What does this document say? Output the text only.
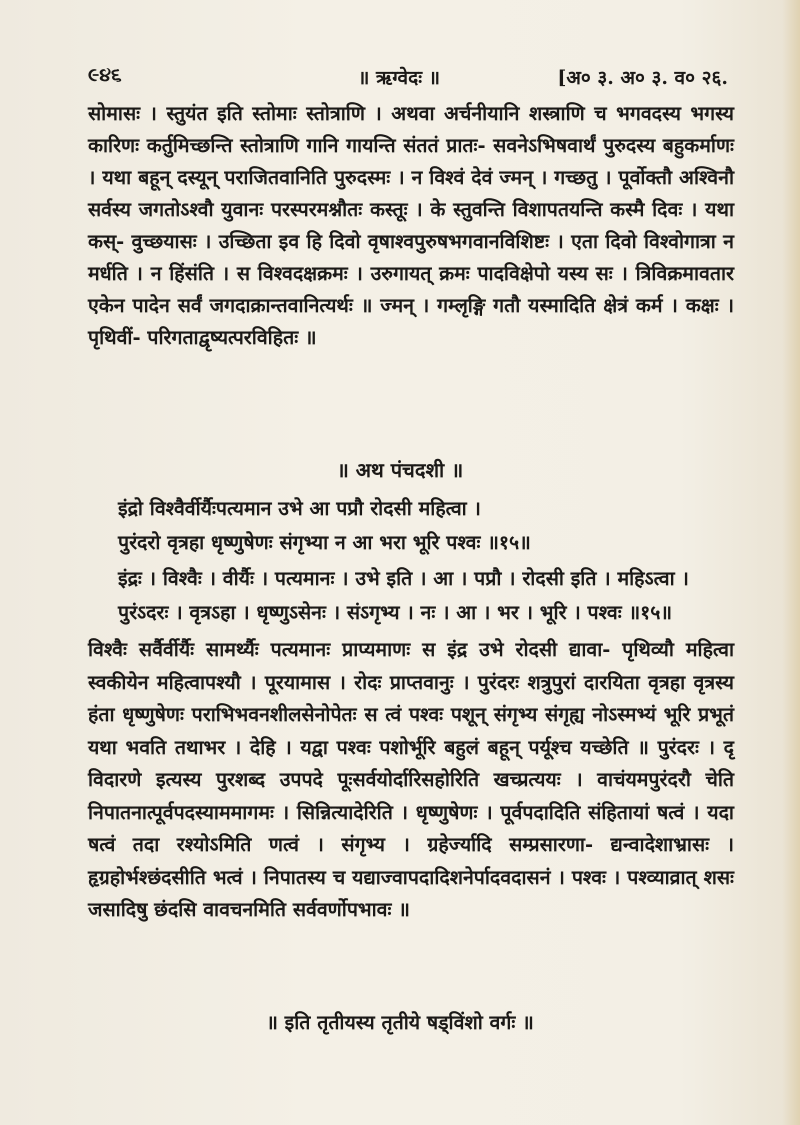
૯૪૬	॥ ऋग्वेदः ॥	[अ० ३. अ० ३. व० २६.

सोमासः । स्तुयंत इति स्तोमाः स्तोत्राणि । अथवा अर्चनीयानि शस्त्राणि च भगवदस्य भगस्य कारिणः कर्तुमिच्छन्ति स्तोत्राणि गानि गायन्ति संततं प्रातः- सवनेऽभिषवार्थं पुरुदस्य बहुकर्माणः । यथा बहून् दस्यून् पराजितवानिति पुरुदस्मः । न विश्वं देवं ज्मन् । गच्छतु । पूर्वोक्तौ अश्विनौ सर्वस्य जगतोऽश्वौ युवानः परस्परमश्नौतः कस्तूः । के स्तुवन्ति विशापतयन्ति कस्मै दिवः । यथा कस्- वुच्छयासः । उच्छिता इव हि दिवो वृषाश्वपुरुषभगवानविशिष्टः । एता दिवो विश्वोगात्रा न मर्धति । न हिंसंति । स विश्वदक्षक्रमः । उरुगायत् क्रमः पादविक्षेपो यस्य सः । त्रिविक्रमावतार एकेन पादेन सर्वं जगदाक्रान्तवानित्यर्थः ॥ ज्मन् । गम्लृङ्गि गतौ यस्मादिति क्षेत्रं कर्म । कक्षः । पृथिवीं- परिगताद्वृष्यत्परविहितः ॥

॥ अथ पंचदशी ॥

इंद्रो विश्वैर्वीर्यैःपत्यमान उभे आ पप्रौ रोदसी महित्वा ।
पुरंदरो वृत्रहा धृष्णुषेणः संगृभ्या न आ भरा भूरि पश्वः ॥१५॥

इंद्रः । विश्वैः । वीर्यैः । पत्यमानः । उभे इति । आ । पप्रौ । रोदसी इति । महिऽत्वा ।
पुरंऽदरः । वृत्रऽहा । धृष्णुऽसेनः । संऽगृभ्य । नः । आ । भर । भूरि । पश्वः ॥१५॥

विश्वैः सर्वैर्वीर्यैः सामर्थ्यैः पत्यमानः प्राप्यमाणः स इंद्र उभे रोदसी द्यावा- पृथिव्यौ महित्वा स्वकीयेन महित्वापश्यौ । पूरयामास । रोदः प्राप्तवानुः । पुरंदरः शत्रुपुरां दारयिता वृत्रहा वृत्रस्य हंता धृष्णुषेणः पराभिभवनशीलसेनोपेतः स त्वं पश्वः पशून् संगृभ्य संगृह्य नोऽस्मभ्यं भूरि प्रभूतं यथा भवति तथाभर । देहि । यद्वा पश्वः पशोर्भूरि बहुलं बहून् पर्यूश्च यच्छेति ॥ पुरंदरः । दृ विदारणे इत्यस्य पुरशब्द उपपदे पूःसर्वयोर्दारिसहोरिति खच्प्रत्ययः । वाचंयमपुरंदरौ चेति निपातनात्पूर्वपदस्याममागमः । सिन्नित्यादेरिति । धृष्णुषेणः । पूर्वपदादिति संहितायां षत्वं । यदा षत्वं तदा रश्योऽमिति णत्वं । संगृभ्य । ग्रहेर्ज्यादि सम्प्रसारणा- द्यन्वादेशाभ्रासः । हृग्रहोर्भश्छंदसीति भत्वं । निपातस्य च यद्याज्वापदादिशनेर्पादवदासनं । पश्वः । पश्व्याव्रात् शसः जसादिषु छंदसि वावचनमिति सर्ववर्णोपभावः ॥

॥ इति तृतीयस्य तृतीये षड्विंशो वर्गः ॥
